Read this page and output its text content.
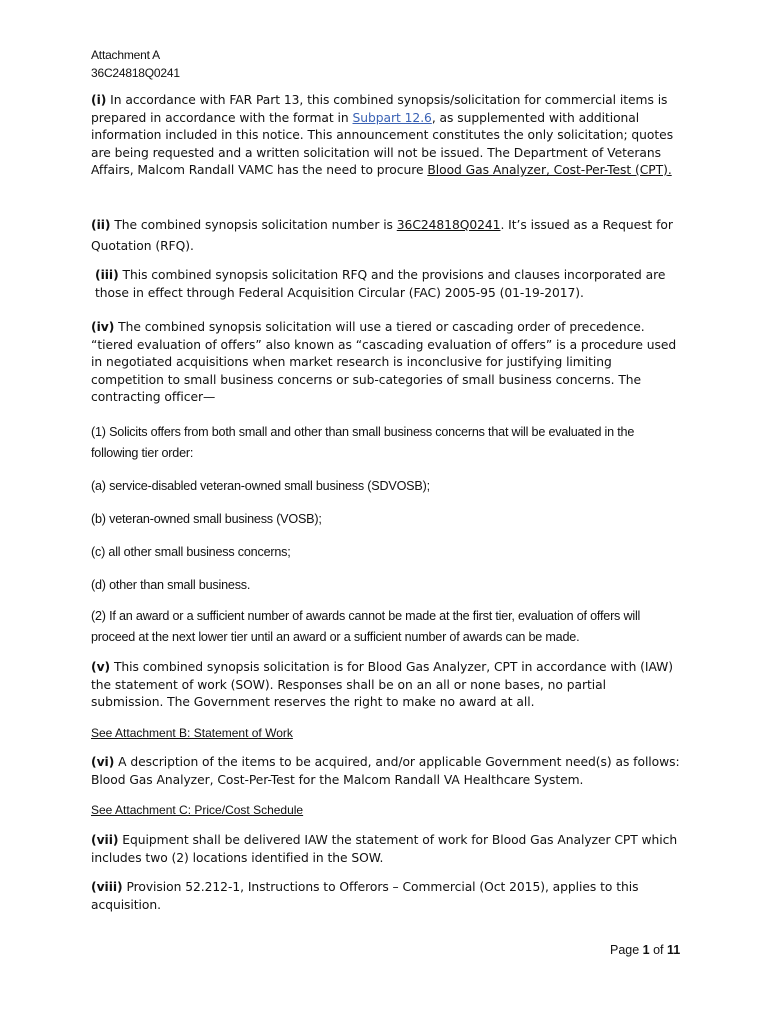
Attachment A
36C24818Q0241
(i) In accordance with FAR Part 13, this combined synopsis/solicitation for commercial items is prepared in accordance with the format in Subpart 12.6, as supplemented with additional information included in this notice. This announcement constitutes the only solicitation; quotes are being requested and a written solicitation will not be issued. The Department of Veterans Affairs, Malcom Randall VAMC has the need to procure Blood Gas Analyzer, Cost-Per-Test (CPT).
(ii) The combined synopsis solicitation number is 36C24818Q0241. It’s issued as a Request for Quotation (RFQ).
(iii) This combined synopsis solicitation RFQ and the provisions and clauses incorporated are those in effect through Federal Acquisition Circular (FAC) 2005-95 (01-19-2017).
(iv) The combined synopsis solicitation will use a tiered or cascading order of precedence. “tiered evaluation of offers” also known as “cascading evaluation of offers” is a procedure used in negotiated acquisitions when market research is inconclusive for justifying limiting competition to small business concerns or sub-categories of small business concerns. The contracting officer—
(1) Solicits offers from both small and other than small business concerns that will be evaluated in the following tier order:
(a) service-disabled veteran-owned small business (SDVOSB);
(b) veteran-owned small business (VOSB);
(c) all other small business concerns;
(d) other than small business.
(2) If an award or a sufficient number of awards cannot be made at the first tier, evaluation of offers will proceed at the next lower tier until an award or a sufficient number of awards can be made.
(v) This combined synopsis solicitation is for Blood Gas Analyzer, CPT in accordance with (IAW) the statement of work (SOW). Responses shall be on an all or none bases, no partial submission. The Government reserves the right to make no award at all.
See Attachment B: Statement of Work
(vi) A description of the items to be acquired, and/or applicable Government need(s) as follows: Blood Gas Analyzer, Cost-Per-Test for the Malcom Randall VA Healthcare System.
See Attachment C: Price/Cost Schedule
(vii) Equipment shall be delivered IAW the statement of work for Blood Gas Analyzer CPT which includes two (2) locations identified in the SOW.
(viii) Provision 52.212-1, Instructions to Offerors – Commercial (Oct 2015), applies to this acquisition.
Page 1 of 11
